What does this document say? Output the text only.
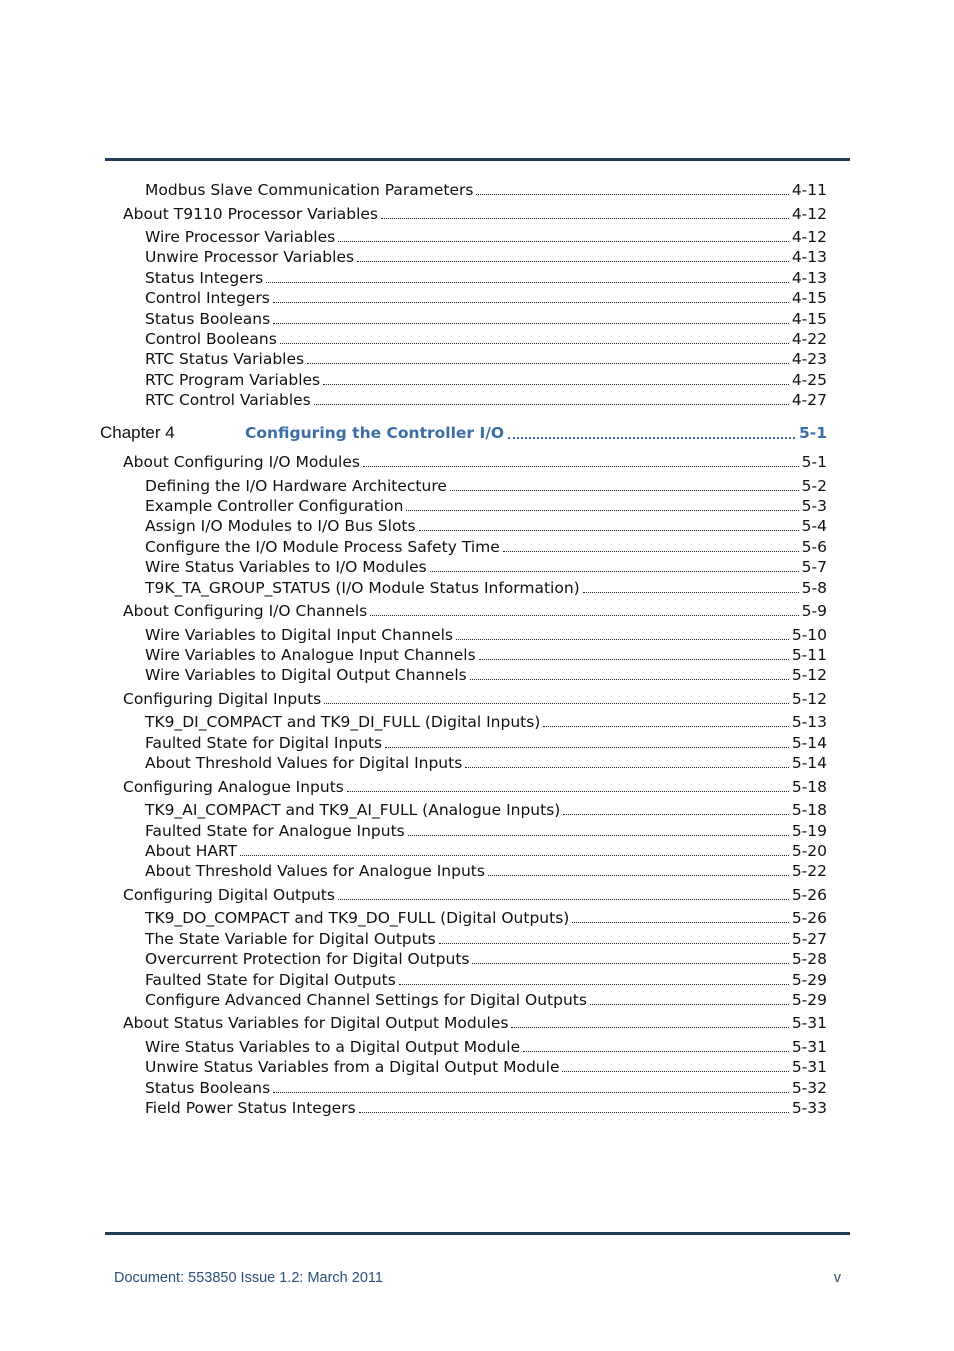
Modbus Slave Communication Parameters	4-11
About T9110 Processor Variables	4-12
Wire Processor Variables	4-12
Unwire Processor Variables	4-13
Status Integers	4-13
Control Integers	4-15
Status Booleans	4-15
Control Booleans	4-22
RTC Status Variables	4-23
RTC Program Variables	4-25
RTC Control Variables	4-27
Chapter 4	Configuring the Controller I/O	5-1
About Configuring I/O Modules	5-1
Defining the I/O Hardware Architecture	5-2
Example Controller Configuration	5-3
Assign I/O Modules to I/O Bus Slots	5-4
Configure the I/O Module Process Safety Time	5-6
Wire Status Variables to I/O Modules	5-7
T9K_TA_GROUP_STATUS (I/O Module Status Information)	5-8
About Configuring I/O Channels	5-9
Wire Variables to Digital Input Channels	5-10
Wire Variables to Analogue Input Channels	5-11
Wire Variables to Digital Output Channels	5-12
Configuring Digital Inputs	5-12
TK9_DI_COMPACT and TK9_DI_FULL (Digital Inputs)	5-13
Faulted State for Digital Inputs	5-14
About Threshold Values for Digital Inputs	5-14
Configuring Analogue Inputs	5-18
TK9_AI_COMPACT and TK9_AI_FULL (Analogue Inputs)	5-18
Faulted State for Analogue Inputs	5-19
About HART	5-20
About Threshold Values for Analogue Inputs	5-22
Configuring Digital Outputs	5-26
TK9_DO_COMPACT and TK9_DO_FULL (Digital Outputs)	5-26
The State Variable for Digital Outputs	5-27
Overcurrent Protection for Digital Outputs	5-28
Faulted State for Digital Outputs	5-29
Configure Advanced Channel Settings for Digital Outputs	5-29
About Status Variables for Digital Output Modules	5-31
Wire Status Variables to a Digital Output Module	5-31
Unwire Status Variables from a Digital Output Module	5-31
Status Booleans	5-32
Field Power Status Integers	5-33
Document: 553850 Issue 1.2: March 2011	v
